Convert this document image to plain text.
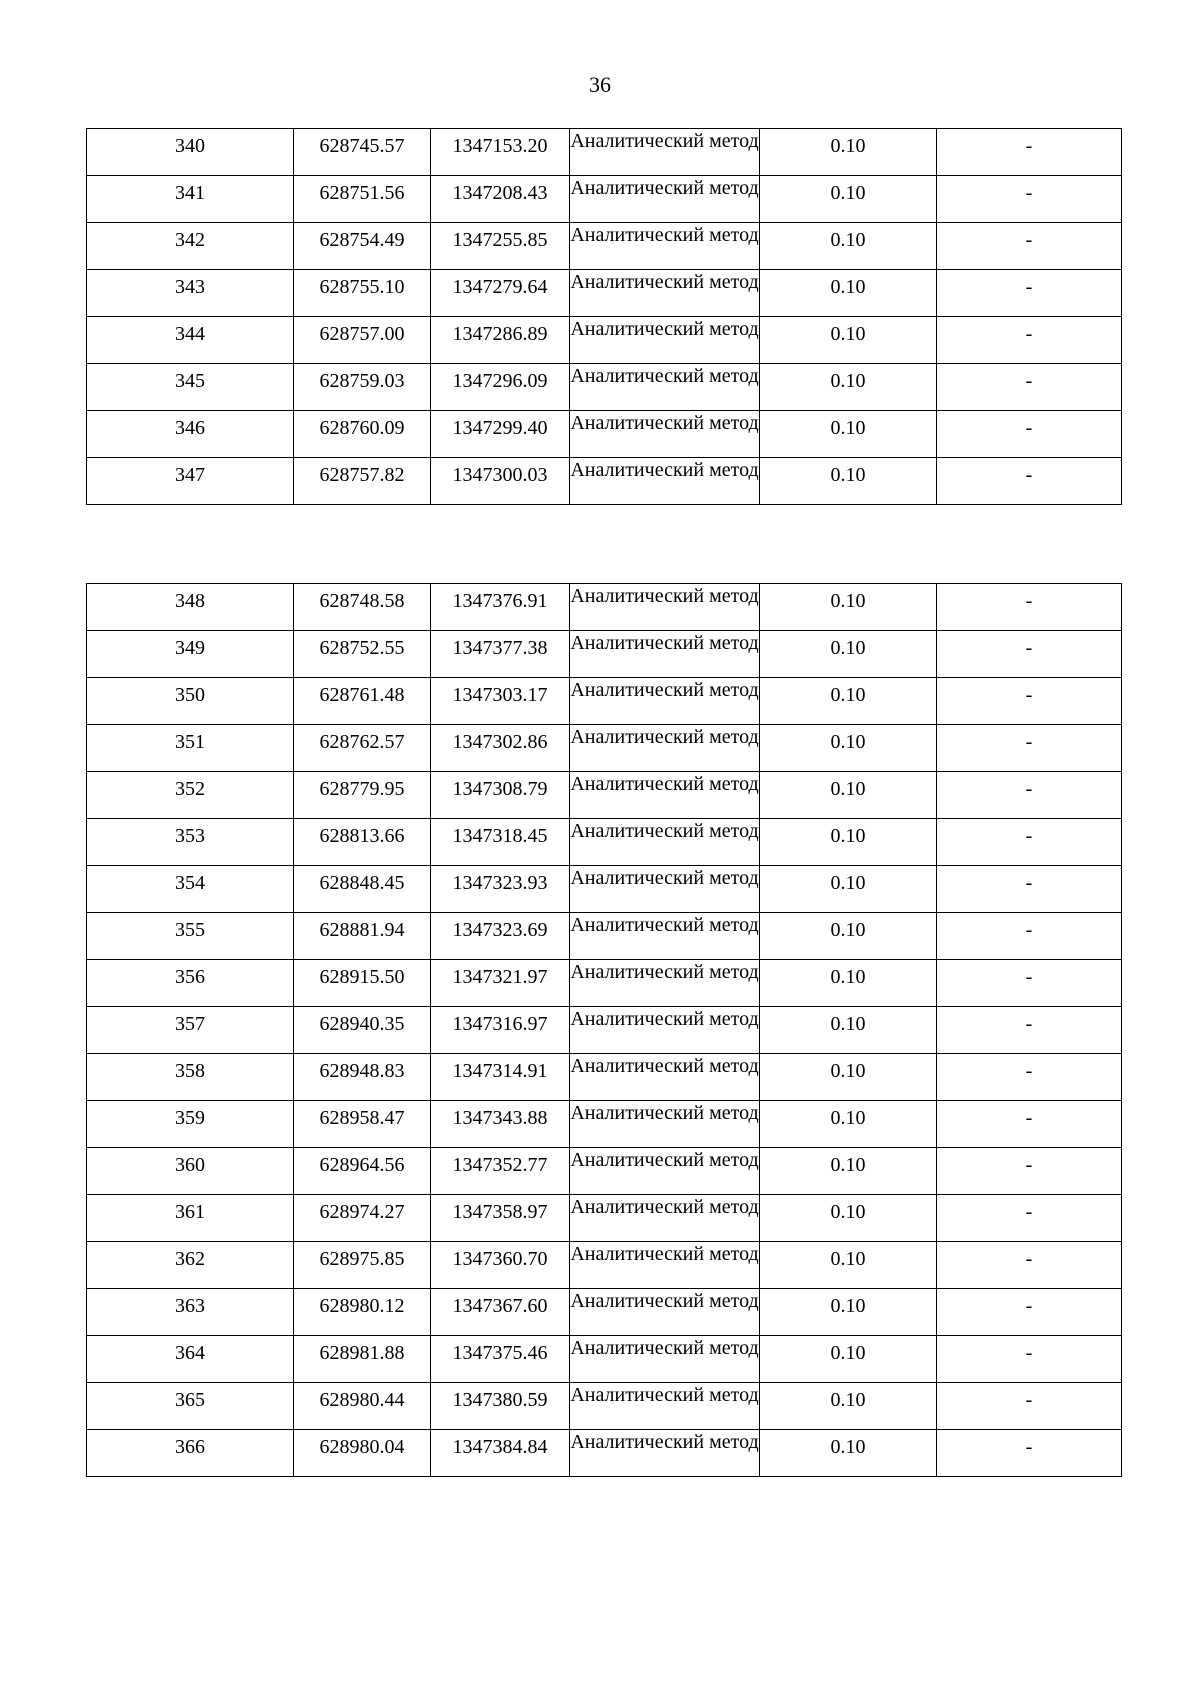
36
340	628745.57	1347153.20	Аналитический метод	0.10	-
341	628751.56	1347208.43	Аналитический метод	0.10	-
342	628754.49	1347255.85	Аналитический метод	0.10	-
343	628755.10	1347279.64	Аналитический метод	0.10	-
344	628757.00	1347286.89	Аналитический метод	0.10	-
345	628759.03	1347296.09	Аналитический метод	0.10	-
346	628760.09	1347299.40	Аналитический метод	0.10	-
347	628757.82	1347300.03	Аналитический метод	0.10	-
348	628748.58	1347376.91	Аналитический метод	0.10	-
349	628752.55	1347377.38	Аналитический метод	0.10	-
350	628761.48	1347303.17	Аналитический метод	0.10	-
351	628762.57	1347302.86	Аналитический метод	0.10	-
352	628779.95	1347308.79	Аналитический метод	0.10	-
353	628813.66	1347318.45	Аналитический метод	0.10	-
354	628848.45	1347323.93	Аналитический метод	0.10	-
355	628881.94	1347323.69	Аналитический метод	0.10	-
356	628915.50	1347321.97	Аналитический метод	0.10	-
357	628940.35	1347316.97	Аналитический метод	0.10	-
358	628948.83	1347314.91	Аналитический метод	0.10	-
359	628958.47	1347343.88	Аналитический метод	0.10	-
360	628964.56	1347352.77	Аналитический метод	0.10	-
361	628974.27	1347358.97	Аналитический метод	0.10	-
362	628975.85	1347360.70	Аналитический метод	0.10	-
363	628980.12	1347367.60	Аналитический метод	0.10	-
364	628981.88	1347375.46	Аналитический метод	0.10	-
365	628980.44	1347380.59	Аналитический метод	0.10	-
366	628980.04	1347384.84	Аналитический метод	0.10	-
